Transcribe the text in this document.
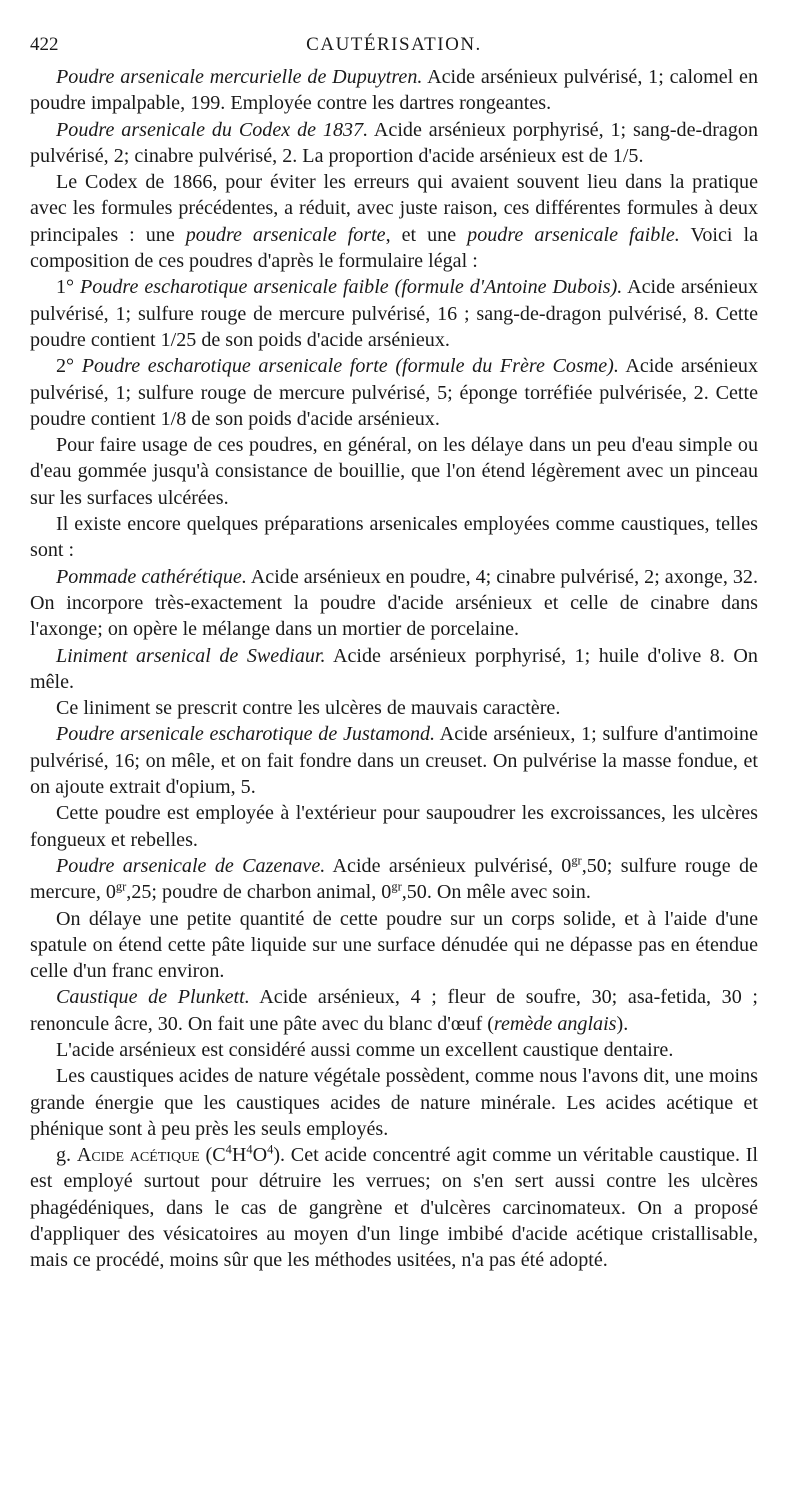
422	CAUTÉRISATION.

Poudre arsenicale mercurielle de Dupuytren. Acide arsénieux pulvérisé, 1; calomel en poudre impalpable, 199. Employée contre les dartres rongeantes.

Poudre arsenicale du Codex de 1837. Acide arsénieux porphyrisé, 1; sang-de-dragon pulvérisé, 2; cinabre pulvérisé, 2. La proportion d'acide arsénieux est de 1/5.

Le Codex de 1866, pour éviter les erreurs qui avaient souvent lieu dans la pratique avec les formules précédentes, a réduit, avec juste raison, ces différentes formules à deux principales : une poudre arsenicale forte, et une poudre arsenicale faible. Voici la composition de ces poudres d'après le formulaire légal :

1° Poudre escharotique arsenicale faible (formule d'Antoine Dubois). Acide arsénieux pulvérisé, 1; sulfure rouge de mercure pulvérisé, 16 ; sang-de-dragon pulvérisé, 8. Cette poudre contient 1/25 de son poids d'acide arsénieux.

2° Poudre escharotique arsenicale forte (formule du Frère Cosme). Acide arsénieux pulvérisé, 1; sulfure rouge de mercure pulvérisé, 5; éponge torréfiée pulvérisée, 2. Cette poudre contient 1/8 de son poids d'acide arsénieux.

Pour faire usage de ces poudres, en général, on les délaye dans un peu d'eau simple ou d'eau gommée jusqu'à consistance de bouillie, que l'on étend légèrement avec un pinceau sur les surfaces ulcérées.

Il existe encore quelques préparations arsenicales employées comme caustiques, telles sont :

Pommade cathérétique. Acide arsénieux en poudre, 4; cinabre pulvérisé, 2; axonge, 32. On incorpore très-exactement la poudre d'acide arsénieux et celle de cinabre dans l'axonge; on opère le mélange dans un mortier de porcelaine.

Liniment arsenical de Swediaur. Acide arsénieux porphyrisé, 1; huile d'olive 8. On mêle.

Ce liniment se prescrit contre les ulcères de mauvais caractère.

Poudre arsenicale escharotique de Justamond. Acide arsénieux, 1; sulfure d'antimoine pulvérisé, 16; on mêle, et on fait fondre dans un creuset. On pulvérise la masse fondue, et on ajoute extrait d'opium, 5.

Cette poudre est employée à l'extérieur pour saupoudrer les excroissances, les ulcères fongueux et rebelles.

Poudre arsenicale de Cazenave. Acide arsénieux pulvérisé, $0^{gr},50$; sulfure rouge de mercure, $0^{gr},25$; poudre de charbon animal, $0^{gr},50$. On mêle avec soin.

On délaye une petite quantité de cette poudre sur un corps solide, et à l'aide d'une spatule on étend cette pâte liquide sur une surface dénudée qui ne dépasse pas en étendue celle d'un franc environ.

Caustique de Plunkett. Acide arsénieux, 4 ; fleur de soufre, 30; asa-fetida, 30 ; renoncule âcre, 30. On fait une pâte avec du blanc d'œuf (remède anglais).

L'acide arsénieux est considéré aussi comme un excellent caustique dentaire.

Les caustiques acides de nature végétale possèdent, comme nous l'avons dit, une moins grande énergie que les caustiques acides de nature minérale. Les acides acétique et phénique sont à peu près les seuls employés.

g. Acide acétique $(C^4H^4O^4)$. Cet acide concentré agit comme un véritable caustique. Il est employé surtout pour détruire les verrues; on s'en sert aussi contre les ulcères phagédéniques, dans le cas de gangrène et d'ulcères carcinomateux. On a proposé d'appliquer des vésicatoires au moyen d'un linge imbibé d'acide acétique cristallisable, mais ce procédé, moins sûr que les méthodes usitées, n'a pas été adopté.
